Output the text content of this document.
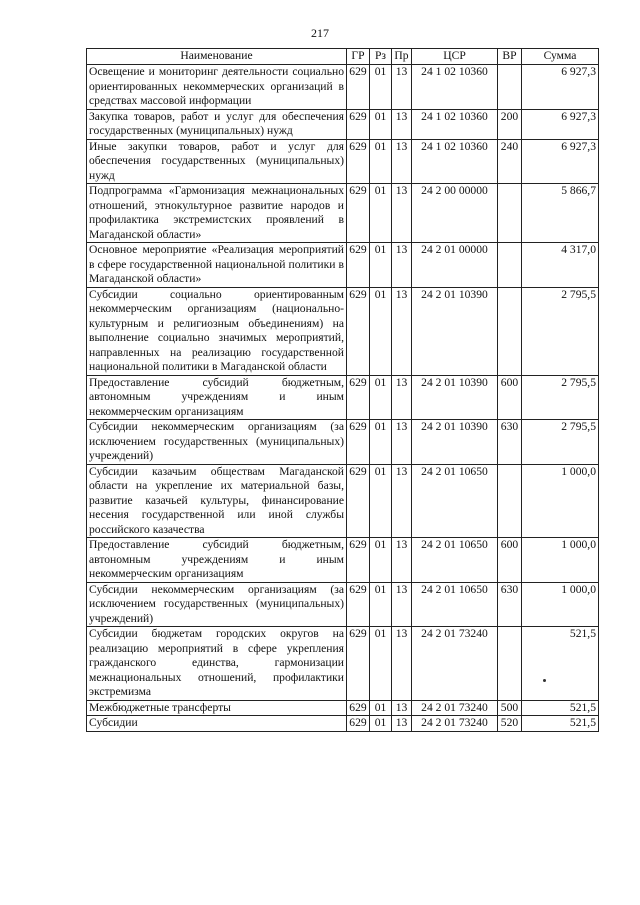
217
Наименование	ГР	Рз	Пр	ЦСР	ВР	Сумма
Освещение и мониторинг деятельности социально ориентированных некоммерческих организаций в средствах массовой информации	629	01	13	24 1 02 10360		6 927,3
Закупка товаров, работ и услуг для обеспечения государственных (муниципальных) нужд	629	01	13	24 1 02 10360	200	6 927,3
Иные закупки товаров, работ и услуг для обеспечения государственных (муниципальных) нужд	629	01	13	24 1 02 10360	240	6 927,3
Подпрограмма «Гармонизация межнациональных отношений, этнокультурное развитие народов и профилактика экстремистских проявлений в Магаданской области»	629	01	13	24 2 00 00000		5 866,7
Основное мероприятие «Реализация мероприятий в сфере государственной национальной политики в Магаданской области»	629	01	13	24 2 01 00000		4 317,0
Субсидии социально ориентированным некоммерческим организациям (национально-культурным и религиозным объединениям) на выполнение социально значимых мероприятий, направленных на реализацию государственной национальной политики в Магаданской области	629	01	13	24 2 01 10390		2 795,5
Предоставление субсидий бюджетным, автономным учреждениям и иным некоммерческим организациям	629	01	13	24 2 01 10390	600	2 795,5
Субсидии некоммерческим организациям (за исключением государственных (муниципальных) учреждений)	629	01	13	24 2 01 10390	630	2 795,5
Субсидии казачьим обществам Магаданской области на укрепление их материальной базы, развитие казачьей культуры, финансирование несения государственной или иной службы российского казачества	629	01	13	24 2 01 10650		1 000,0
Предоставление субсидий бюджетным, автономным учреждениям и иным некоммерческим организациям	629	01	13	24 2 01 10650	600	1 000,0
Субсидии некоммерческим организациям (за исключением государственных (муниципальных) учреждений)	629	01	13	24 2 01 10650	630	1 000,0
Субсидии бюджетам городских округов на реализацию мероприятий в сфере укрепления гражданского единства, гармонизации межнациональных отношений, профилактики экстремизма	629	01	13	24 2 01 73240		521,5
Межбюджетные трансферты	629	01	13	24 2 01 73240	500	521,5
Субсидии	629	01	13	24 2 01 73240	520	521,5
